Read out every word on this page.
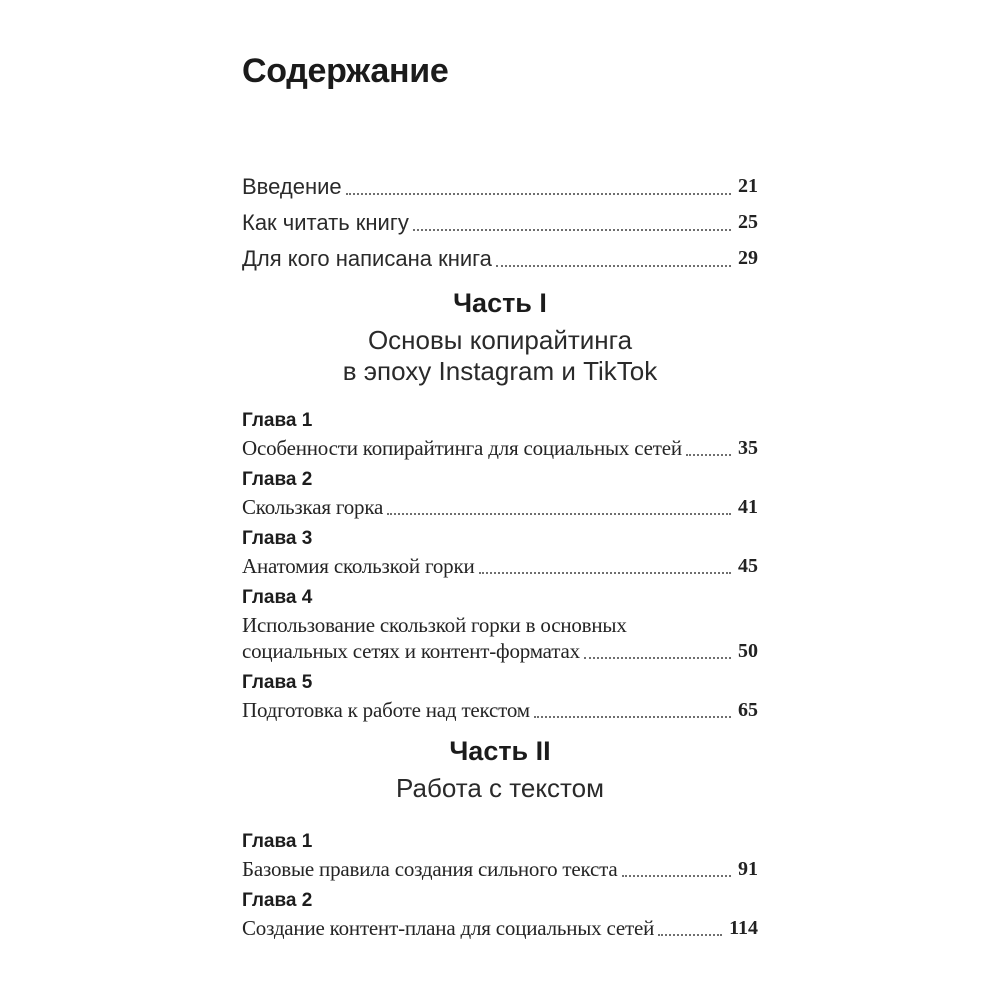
Содержание
Введение	21
Как читать книгу	25
Для кого написана книга	29
Часть I
Основы копирайтинга
в эпоху Instagram и TikTok
Глава 1
Особенности копирайтинга для социальных сетей	35
Глава 2
Скользкая горка	41
Глава 3
Анатомия скользкой горки	45
Глава 4
Использование скользкой горки в основных
социальных сетях и контент-форматах	50
Глава 5
Подготовка к работе над текстом	65
Часть II
Работа с текстом
Глава 1
Базовые правила создания сильного текста	91
Глава 2
Создание контент-плана для социальных сетей	114
